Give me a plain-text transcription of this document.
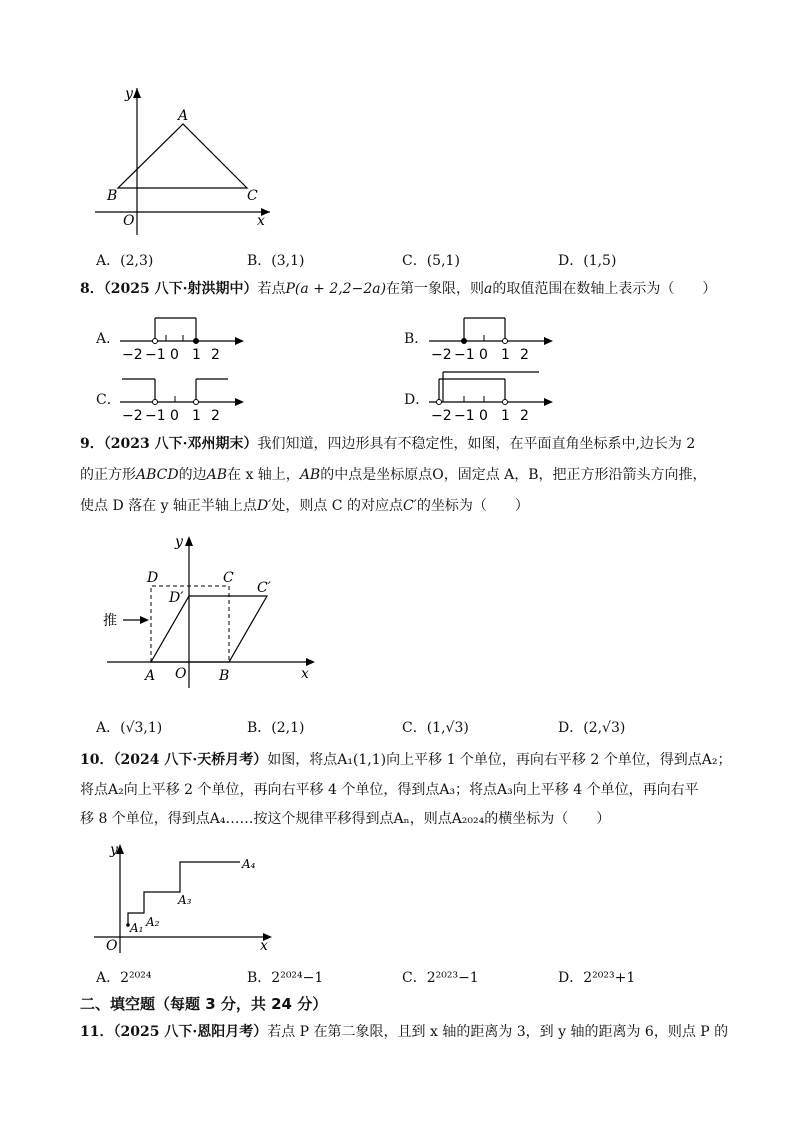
y
x
O
A
B	C
A．(2,3)	B．(3,1)	C．(5,1)	D．(1,5)
8．（2025 八下·射洪期中）若点P(a + 2,2−2a)在第一象限，则a的取值范围在数轴上表示为（　　）
A．
−2 −1 0 1 2
B．
−2 −1 0 1 2
C．
−2 −1 0 1 2
D．
−2 −1 0 1 2
9．（2023 八下·邓州期末）我们知道，四边形具有不稳定性，如图，在平面直角坐标系中,边长为 2
的正方形ABCD的边AB在 x 轴上，AB的中点是坐标原点O，固定点 A，B，把正方形沿箭头方向推，
使点 D 落在 y 轴正半轴上点D′处，则点 C 的对应点C′的坐标为（　　）
推
y
x
O
A	B
D	C
D′
C′
A．(√3,1)	B．(2,1)	C．(1,√3)	D．(2,√3)
10．（2024 八下·天桥月考）如图，将点A₁(1,1)向上平移 1 个单位，再向右平移 2 个单位，得到点A₂；
将点A₂向上平移 2 个单位，再向右平移 4 个单位，得到点A₃；将点A₃向上平移 4 个单位，再向右平
移 8 个单位，得到点A₄……按这个规律平移得到点Aₙ，则点A₂₀₂₄的横坐标为（　　）
y
x
O
A₁ A₂
A₃
A₄
A．2²⁰²⁴	B．2²⁰²⁴−1	C．2²⁰²³−1	D．2²⁰²³+1
二、填空题（每题 3 分，共 24 分）
11．（2025 八下·恩阳月考）若点 P 在第二象限，且到 x 轴的距离为 3，到 y 轴的距离为 6，则点 P 的
